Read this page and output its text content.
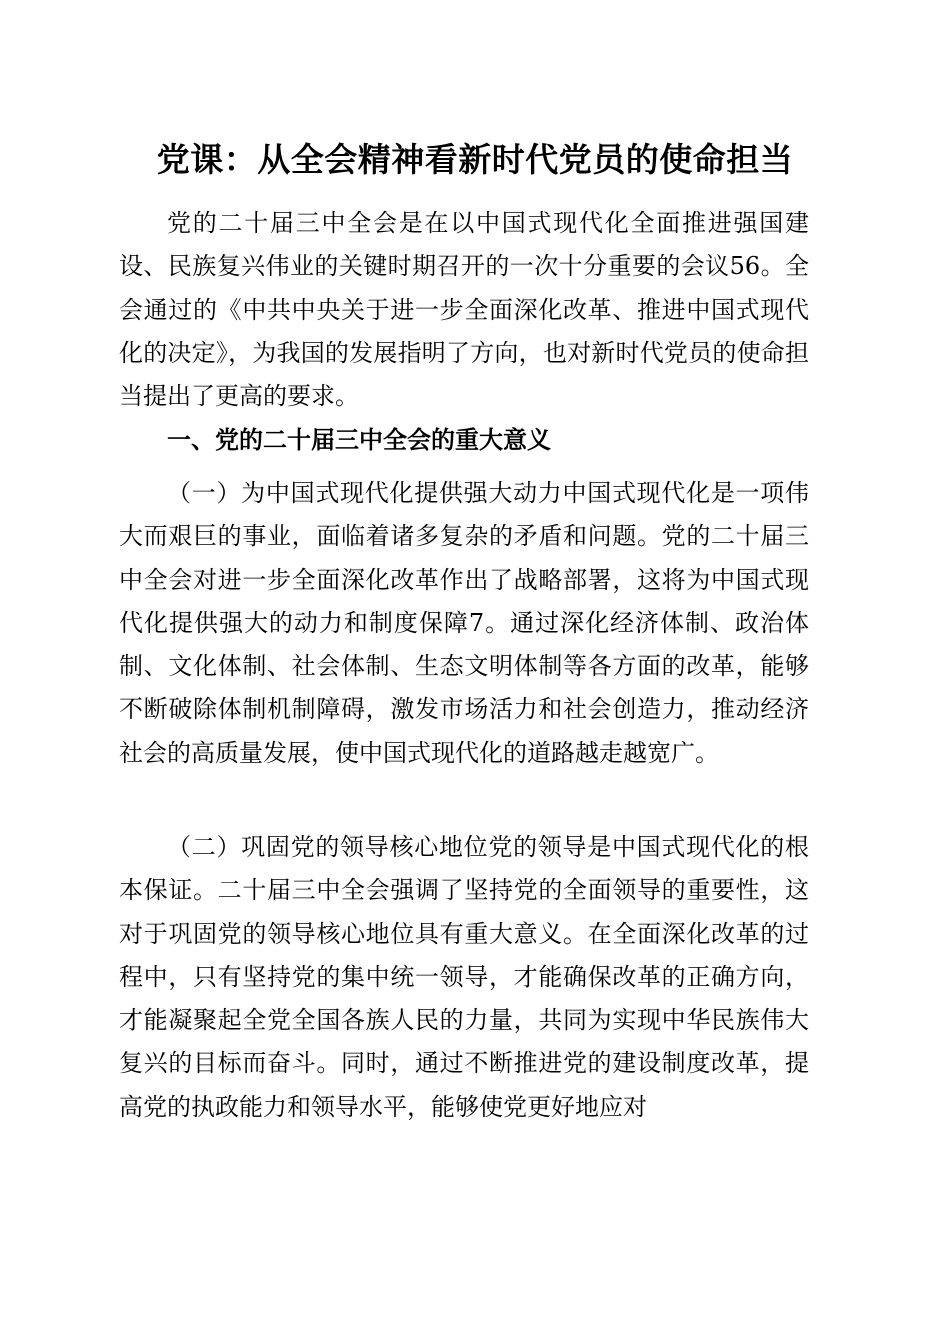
党课：从全会精神看新时代党员的使命担当

党的二十届三中全会是在以中国式现代化全面推进强国建设、民族复兴伟业的关键时期召开的一次十分重要的会议56。全会通过的《中共中央关于进一步全面深化改革、推进中国式现代化的决定》，为我国的发展指明了方向，也对新时代党员的使命担当提出了更高的要求。

一、党的二十届三中全会的重大意义

（一）为中国式现代化提供强大动力中国式现代化是一项伟大而艰巨的事业，面临着诸多复杂的矛盾和问题。党的二十届三中全会对进一步全面深化改革作出了战略部署，这将为中国式现代化提供强大的动力和制度保障7。通过深化经济体制、政治体制、文化体制、社会体制、生态文明体制等各方面的改革，能够不断破除体制机制障碍，激发市场活力和社会创造力，推动经济社会的高质量发展，使中国式现代化的道路越走越宽广。

（二）巩固党的领导核心地位党的领导是中国式现代化的根本保证。二十届三中全会强调了坚持党的全面领导的重要性，这对于巩固党的领导核心地位具有重大意义。在全面深化改革的过程中，只有坚持党的集中统一领导，才能确保改革的正确方向，才能凝聚起全党全国各族人民的力量，共同为实现中华民族伟大复兴的目标而奋斗。同时，通过不断推进党的建设制度改革，提高党的执政能力和领导水平，能够使党更好地应对
